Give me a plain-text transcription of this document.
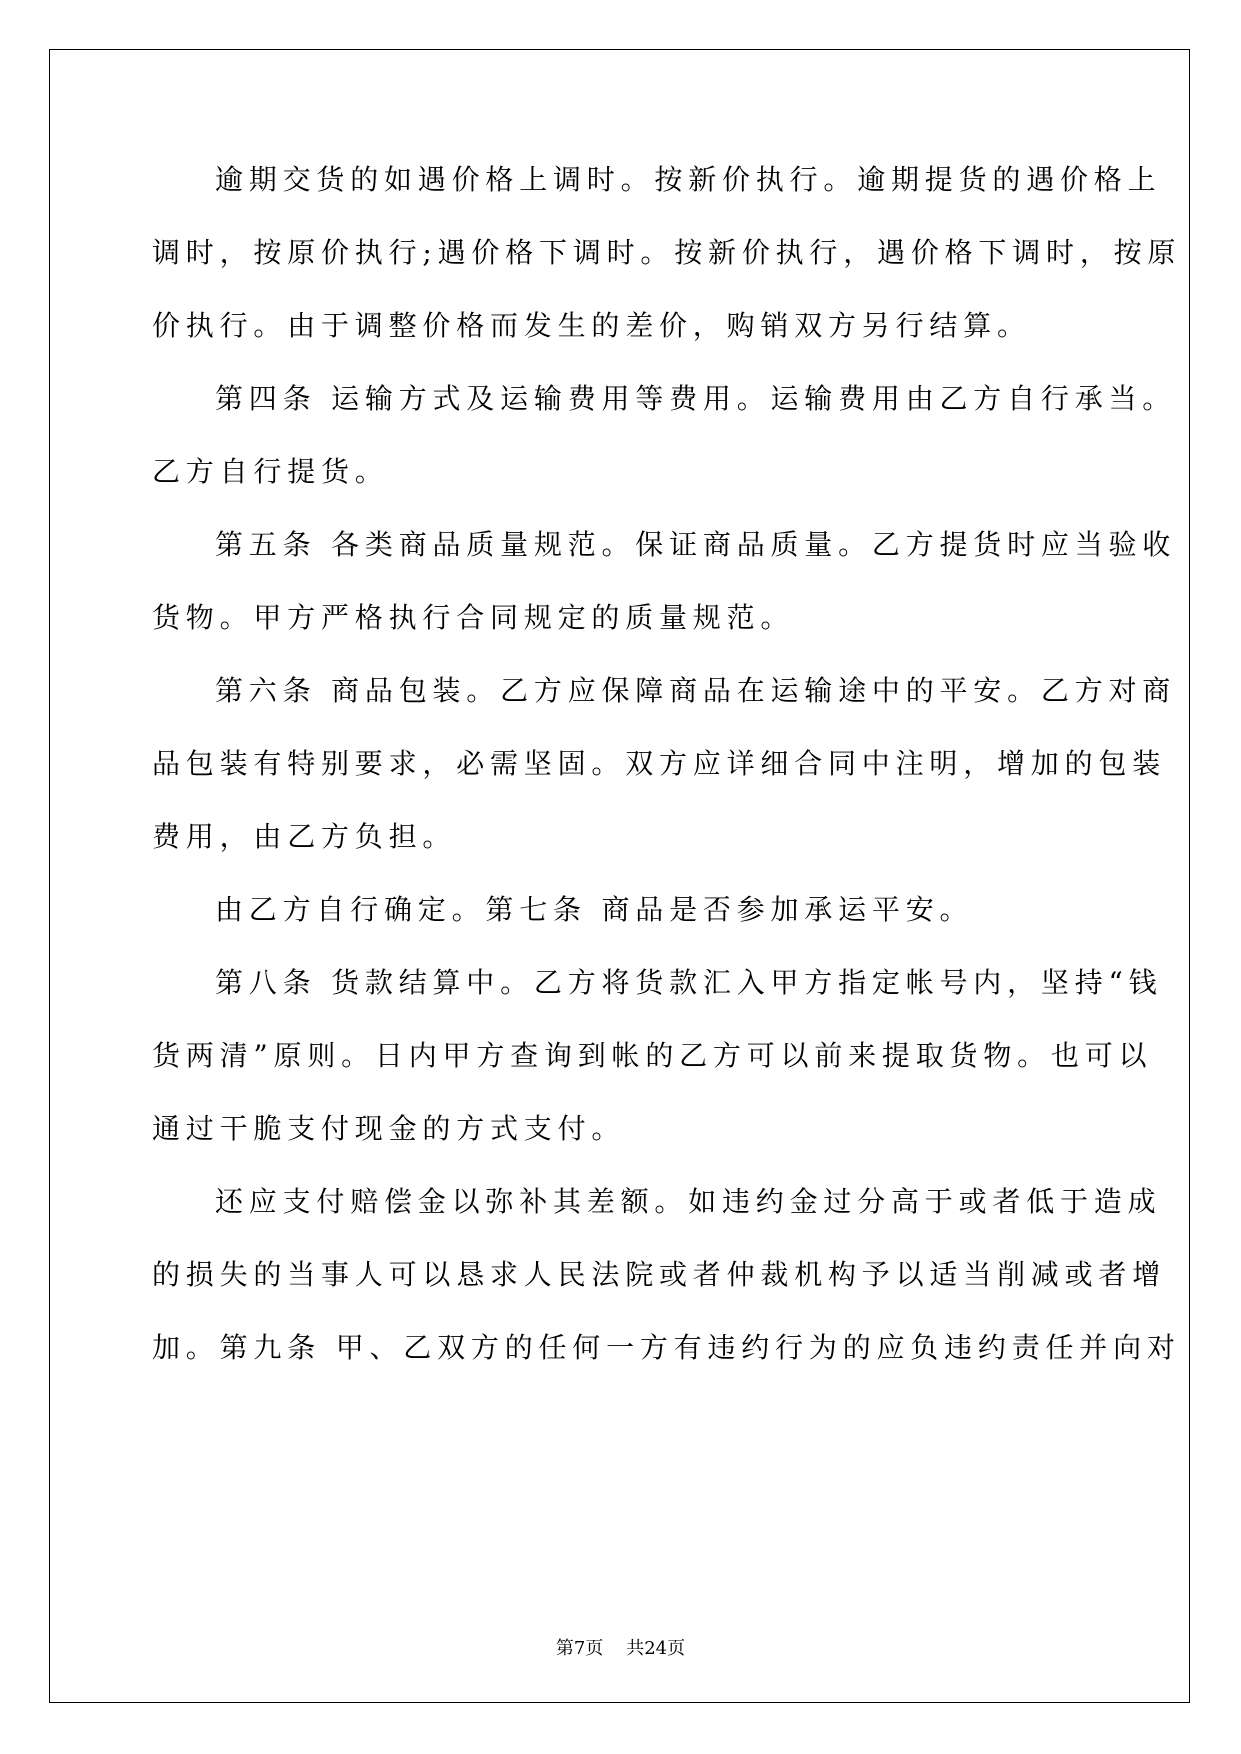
逾期交货的如遇价格上调时。按新价执行。逾期提货的遇价格上
调时，按原价执行;遇价格下调时。按新价执行，遇价格下调时，按原
价执行。由于调整价格而发生的差价，购销双方另行结算。
第四条 运输方式及运输费用等费用。运输费用由乙方自行承当。
乙方自行提货。
第五条 各类商品质量规范。保证商品质量。乙方提货时应当验收
货物。甲方严格执行合同规定的质量规范。
第六条 商品包装。乙方应保障商品在运输途中的平安。乙方对商
品包装有特别要求，必需坚固。双方应详细合同中注明，增加的包装
费用，由乙方负担。
由乙方自行确定。第七条 商品是否参加承运平安。
第八条 货款结算中。乙方将货款汇入甲方指定帐号内，坚持“钱
货两清”原则。日内甲方查询到帐的乙方可以前来提取货物。也可以
通过干脆支付现金的方式支付。
还应支付赔偿金以弥补其差额。如违约金过分高于或者低于造成
的损失的当事人可以恳求人民法院或者仲裁机构予以适当削减或者增
加。第九条 甲、乙双方的任何一方有违约行为的应负违约责任并向对
第7页 共24页
